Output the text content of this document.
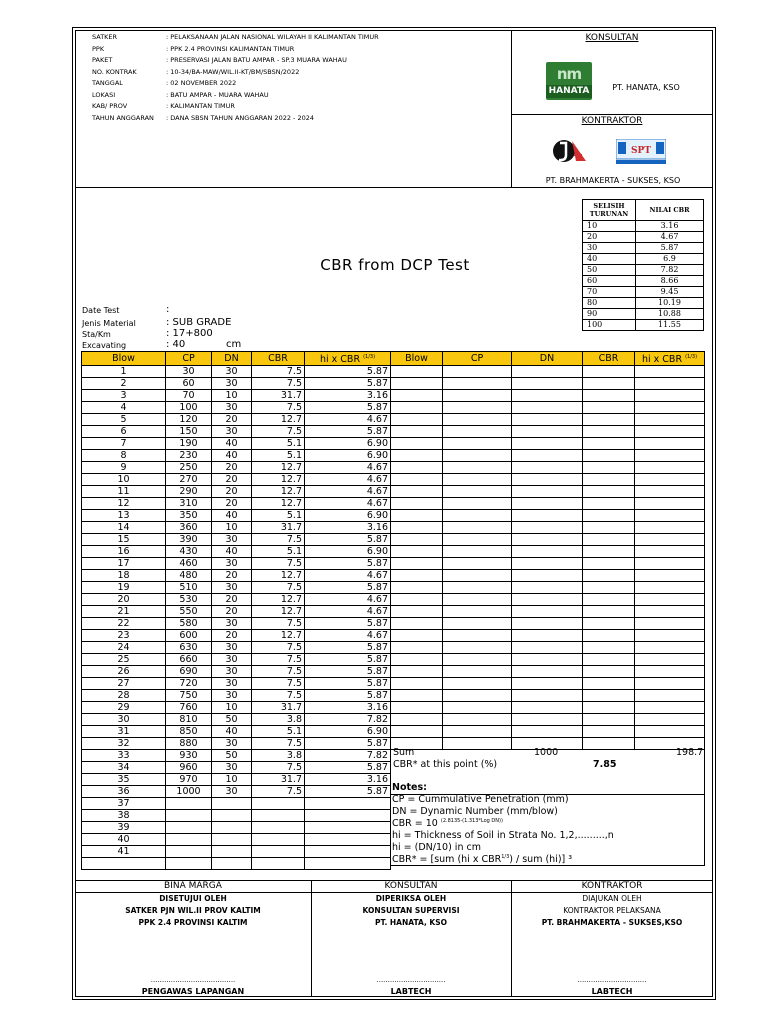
SATKER	: PELAKSANAAN JALAN NASIONAL WILAYAH II KALIMANTAN TIMUR
PPK	: PPK 2.4 PROVINSI KALIMANTAN TIMUR
PAKET	: PRESERVASI JALAN BATU AMPAR - SP.3 MUARA WAHAU
NO. KONTRAK	: 10-34/BA-MAW/WIL.II-KT/BM/SBSN/2022
TANGGAL	: 02 NOVEMBER 2022
LOKASI	: BATU AMPAR - MUARA WAHAU
KAB/ PROV	: KALIMANTAN TIMUR
TAHUN ANGGARAN : DANA SBSN TAHUN ANGGARAN 2022 - 2024
KONSULTAN
nm
HANATA	PT. HANATA, KSO
KONTRAKTOR
SPT
PT. BRAHMAKERTA - SUKSES, KSO
CBR from DCP Test
SELISIH TURUNAN	NILAI CBR
10	3.16
20	4.67
30	5.87
40	6.9
50	7.82
60	8.66
70	9.45
80	10.19
90	10.88
100	11.55
Date Test	:
Jenis Material	: SUB GRADE
Sta/Km	: 17+800
Excavating	: 40	cm
Blow	CP	DN	CBR	hi x CBR $^{(1/3)}$
1	30	30	7.5	5.87
2	60	30	7.5	5.87
3	70	10	31.7	3.16
4	100	30	7.5	5.87
5	120	20	12.7	4.67
6	150	30	7.5	5.87
7	190	40	5.1	6.90
8	230	40	5.1	6.90
9	250	20	12.7	4.67
10	270	20	12.7	4.67
11	290	20	12.7	4.67
12	310	20	12.7	4.67
13	350	40	5.1	6.90
14	360	10	31.7	3.16
15	390	30	7.5	5.87
16	430	40	5.1	6.90
17	460	30	7.5	5.87
18	480	20	12.7	4.67
19	510	30	7.5	5.87
20	530	20	12.7	4.67
21	550	20	12.7	4.67
22	580	30	7.5	5.87
23	600	20	12.7	4.67
24	630	30	7.5	5.87
25	660	30	7.5	5.87
26	690	30	7.5	5.87
27	720	30	7.5	5.87
28	750	30	7.5	5.87
29	760	10	31.7	3.16
30	810	50	3.8	7.82
31	850	40	5.1	6.90
32	880	30	7.5	5.87
33	930	50	3.8	7.82
34	960	30	7.5	5.87
35	970	10	31.7	3.16
36	1000	30	7.5	5.87
37				
38				
39				
40				
41				

Blow	CP	DN	CBR	hi x CBR $^{(1/3)}$

Sum	1000	198.7
CBR* at this point (%)	7.85
Notes:
CP = Cummulative Penetration (mm)
DN = Dynamic Number (mm/blow)
CBR = 10 $^{(2.8135-(1.313*Log DN))}$
hi = Thickness of Soil in Strata No. 1,2,.........,n
hi = (DN/10) in cm
CBR* = [sum (hi x $CBR^{1/3}$) / sum (hi)] ³
BINA MARGA
DISETUJUI OLEH
SATKER PJN WIL.II PROV KALTIM
PPK 2.4 PROVINSI KALTIM
......................................
PENGAWAS LAPANGAN
KONSULTAN
DIPERIKSA OLEH
KONSULTAN SUPERVISI
PT. HANATA, KSO
...............................
LABTECH
KONTRAKTOR
DIAJUKAN OLEH
KONTRAKTOR PELAKSANA
PT. BRAHMAKERTA - SUKSES,KSO
...............................
LABTECH
